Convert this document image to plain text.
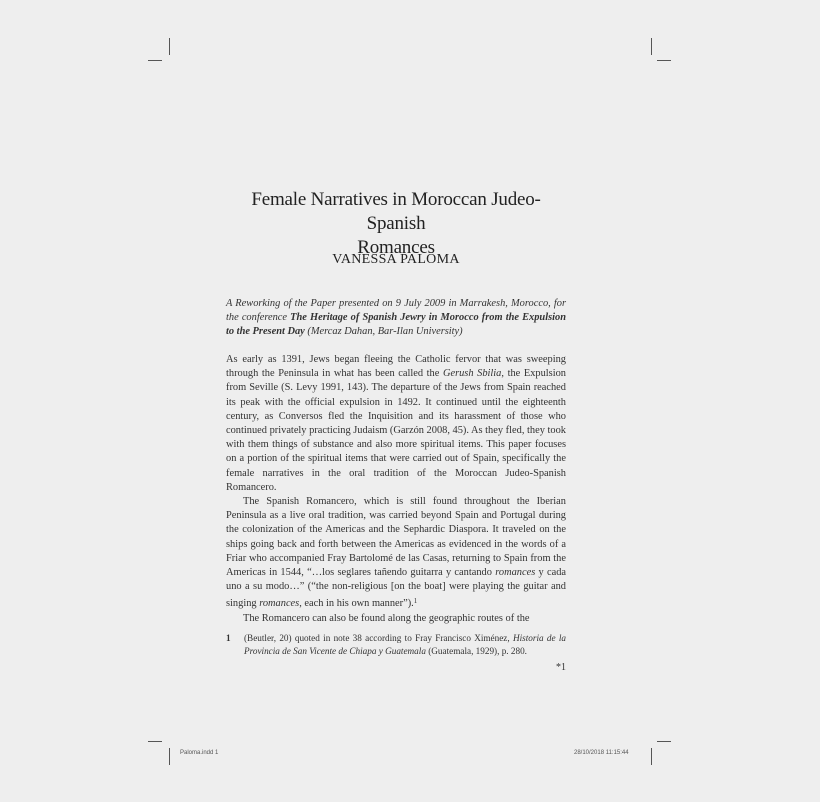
Female Narratives in Moroccan Judeo-Spanish
Romances
VANESSA PALOMA
A Reworking of the Paper presented on 9 July 2009 in Marrakesh, Morocco, for the conference The Heritage of Spanish Jewry in Morocco from the Expulsion to the Present Day (Mercaz Dahan, Bar-Ilan University)

As early as 1391, Jews began fleeing the Catholic fervor that was sweeping through the Peninsula in what has been called the Gerush Sbilia, the Expulsion from Seville (S. Levy 1991, 143). The departure of the Jews from Spain reached its peak with the official expulsion in 1492. It continued until the eighteenth century, as Conversos fled the Inquisition and its harassment of those who continued privately practicing Judaism (Garzón 2008, 45). As they fled, they took with them things of substance and also more spiritual items. This paper focuses on a portion of the spiritual items that were carried out of Spain, specifically the female narratives in the oral tradition of the Moroccan Judeo-Spanish Romancero.

The Spanish Romancero, which is still found throughout the Iberian Peninsula as a live oral tradition, was carried beyond Spain and Portugal during the colonization of the Americas and the Sephardic Diaspora. It traveled on the ships going back and forth between the Americas as evidenced in the words of a Friar who accompanied Fray Bartolomé de las Casas, returning to Spain from the Americas in 1544, “…los seglares tañendo guitarra y cantando romances y cada uno a su modo…” (“the non-religious [on the boat] were playing the guitar and singing romances, each in his own manner”).$^1$

The Romancero can also be found along the geographic routes of the

1	(Beutler, 20) quoted in note 38 according to Fray Francisco Ximénez, Historia de la Provincia de San Vicente de Chiapa y Guatemala (Guatemala, 1929), p. 280.
*1
Paloma.indd 1	28/10/2018 11:15:44
